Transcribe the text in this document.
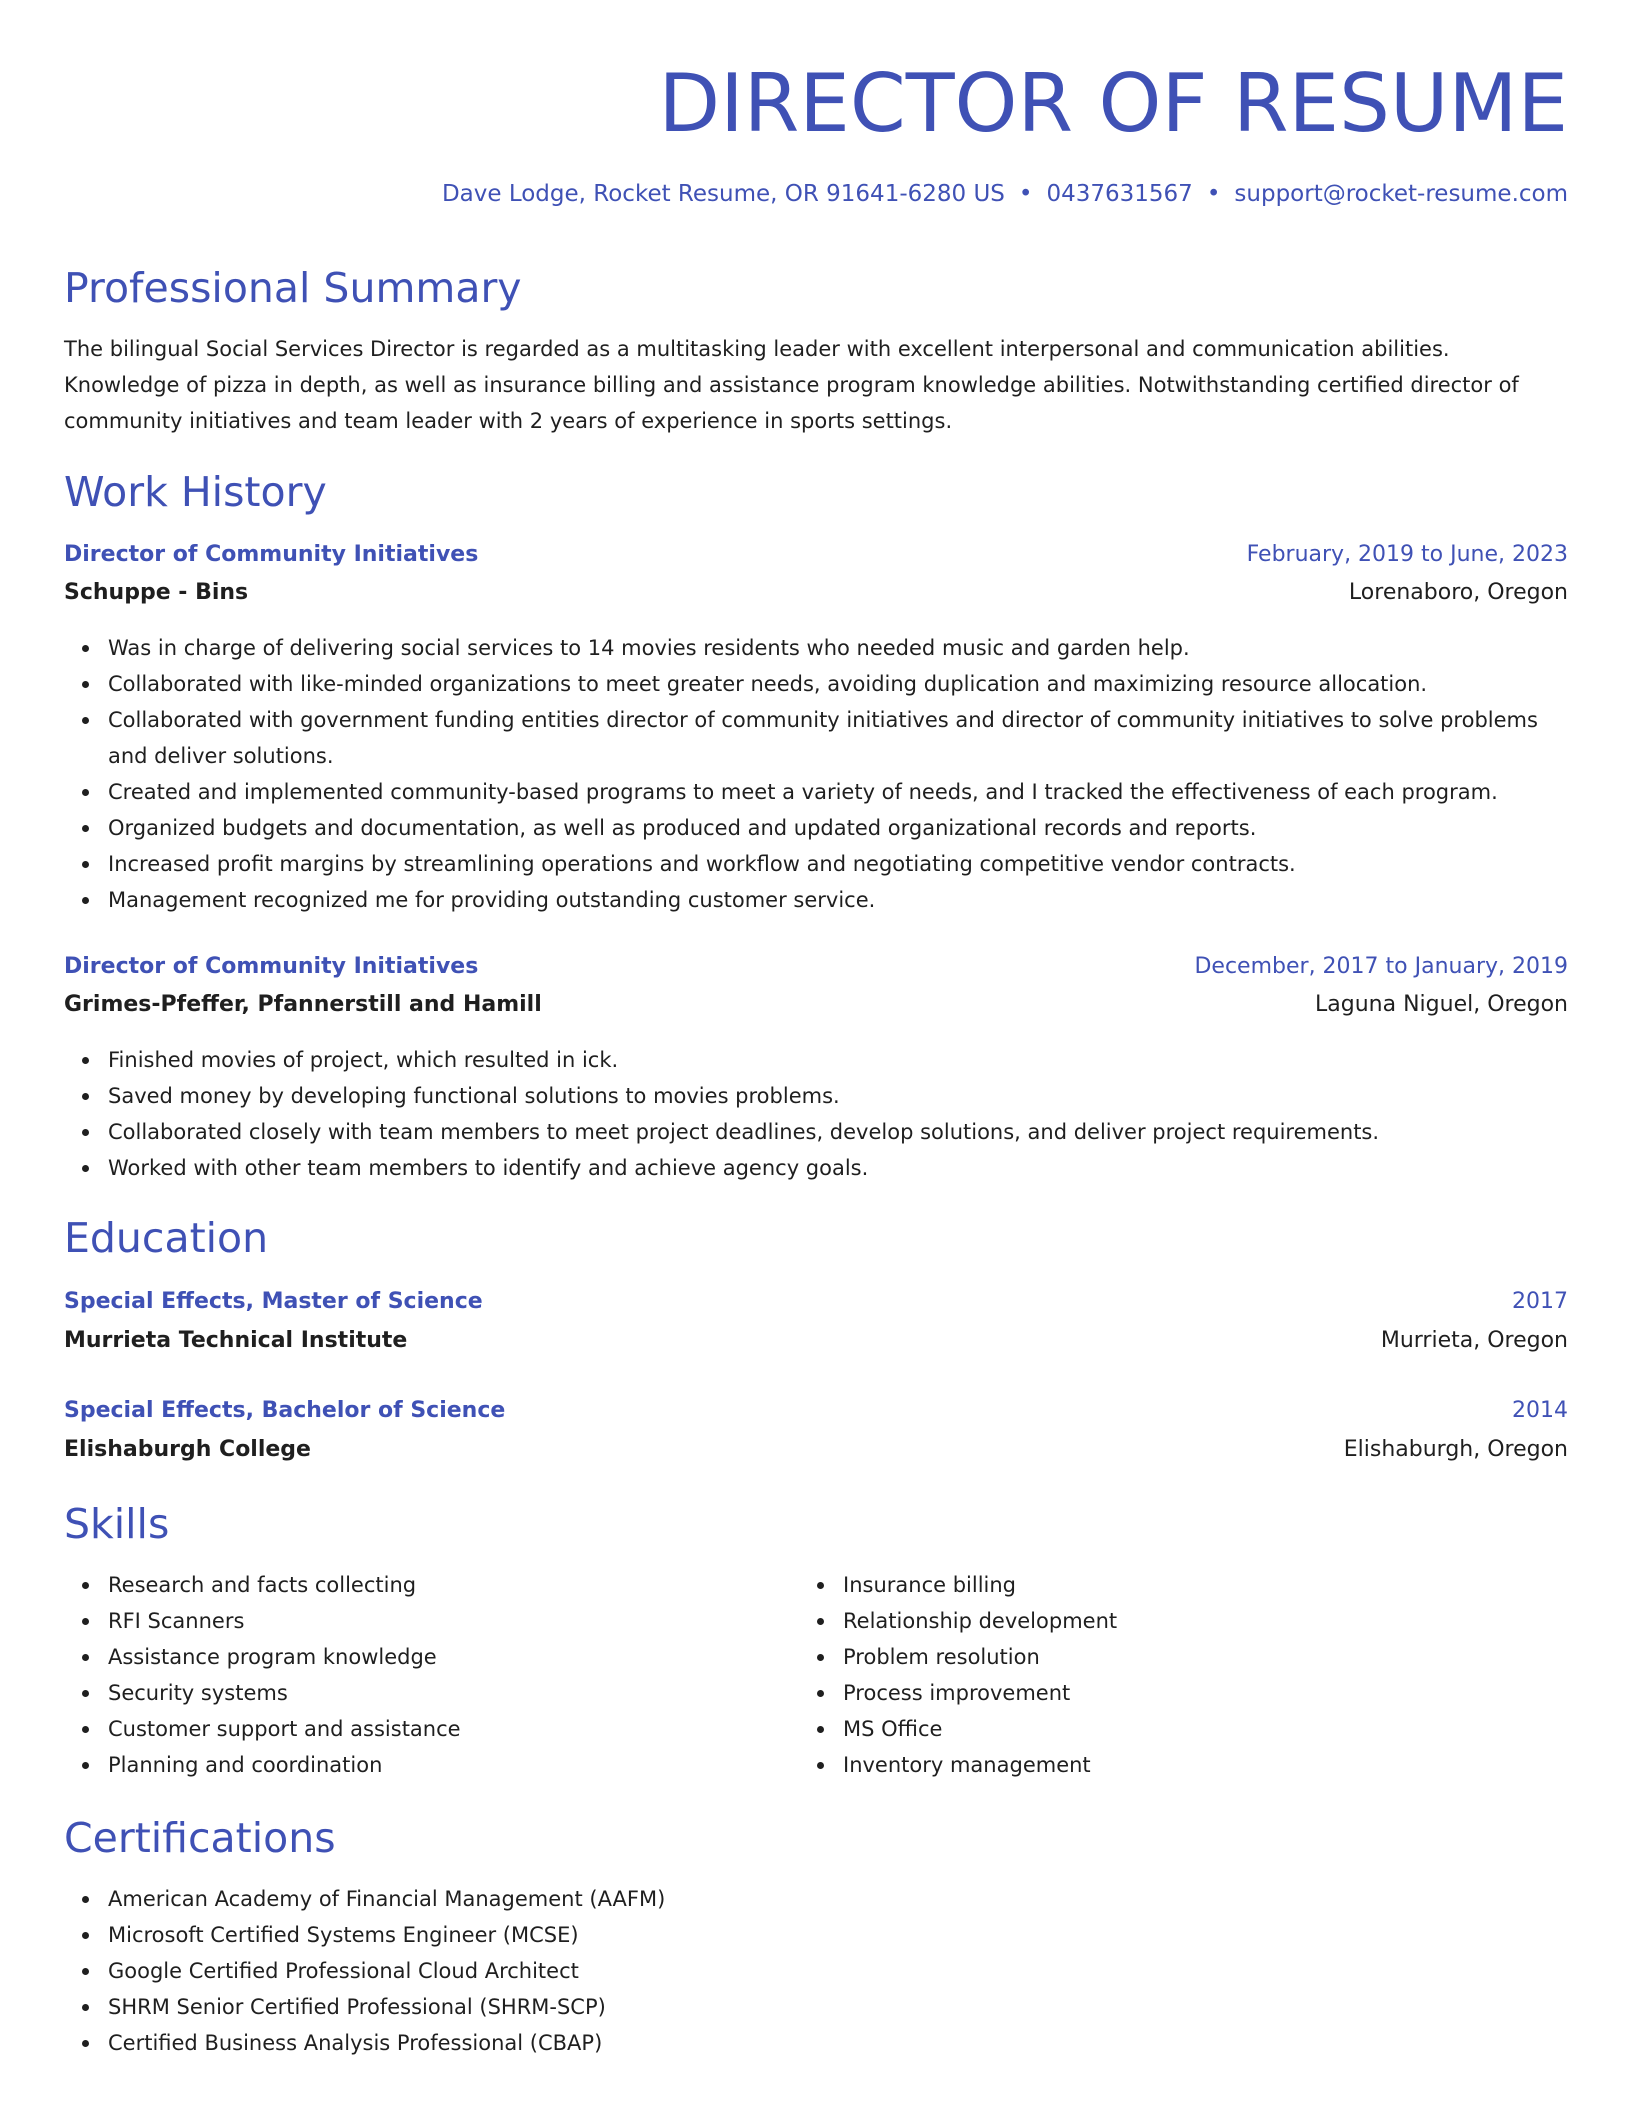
DIRECTOR OF RESUME
Dave Lodge, Rocket Resume, OR 91641-6280 US • 0437631567 • support@rocket-resume.com
Professional Summary

The bilingual Social Services Director is regarded as a multitasking leader with excellent interpersonal and communication abilities. Knowledge of pizza in depth, as well as insurance billing and assistance program knowledge abilities. Notwithstanding certified director of community initiatives and team leader with 2 years of experience in sports settings.

Work History
Director of Community Initiatives	February, 2019 to June, 2023
Schuppe - Bins	Lorenaboro, Oregon
Was in charge of delivering social services to 14 movies residents who needed music and garden help.
Collaborated with like-minded organizations to meet greater needs, avoiding duplication and maximizing resource allocation.
Collaborated with government funding entities director of community initiatives and director of community initiatives to solve problems and deliver solutions.
Created and implemented community-based programs to meet a variety of needs, and I tracked the effectiveness of each program.
Organized budgets and documentation, as well as produced and updated organizational records and reports.
Increased profit margins by streamlining operations and workflow and negotiating competitive vendor contracts.
Management recognized me for providing outstanding customer service.
Director of Community Initiatives	December, 2017 to January, 2019
Grimes-Pfeffer, Pfannerstill and Hamill	Laguna Niguel, Oregon
Finished movies of project, which resulted in ick.
Saved money by developing functional solutions to movies problems.
Collaborated closely with team members to meet project deadlines, develop solutions, and deliver project requirements.
Worked with other team members to identify and achieve agency goals.
Education
Special Effects, Master of Science	2017
Murrieta Technical Institute	Murrieta, Oregon
Special Effects, Bachelor of Science	2014
Elishaburgh College	Elishaburgh, Oregon
Skills
Research and facts collecting
RFI Scanners
Assistance program knowledge
Security systems
Customer support and assistance
Planning and coordination
Insurance billing
Relationship development
Problem resolution
Process improvement
MS Office
Inventory management
Certifications
American Academy of Financial Management (AAFM)
Microsoft Certified Systems Engineer (MCSE)
Google Certified Professional Cloud Architect
SHRM Senior Certified Professional (SHRM-SCP)
Certified Business Analysis Professional (CBAP)
